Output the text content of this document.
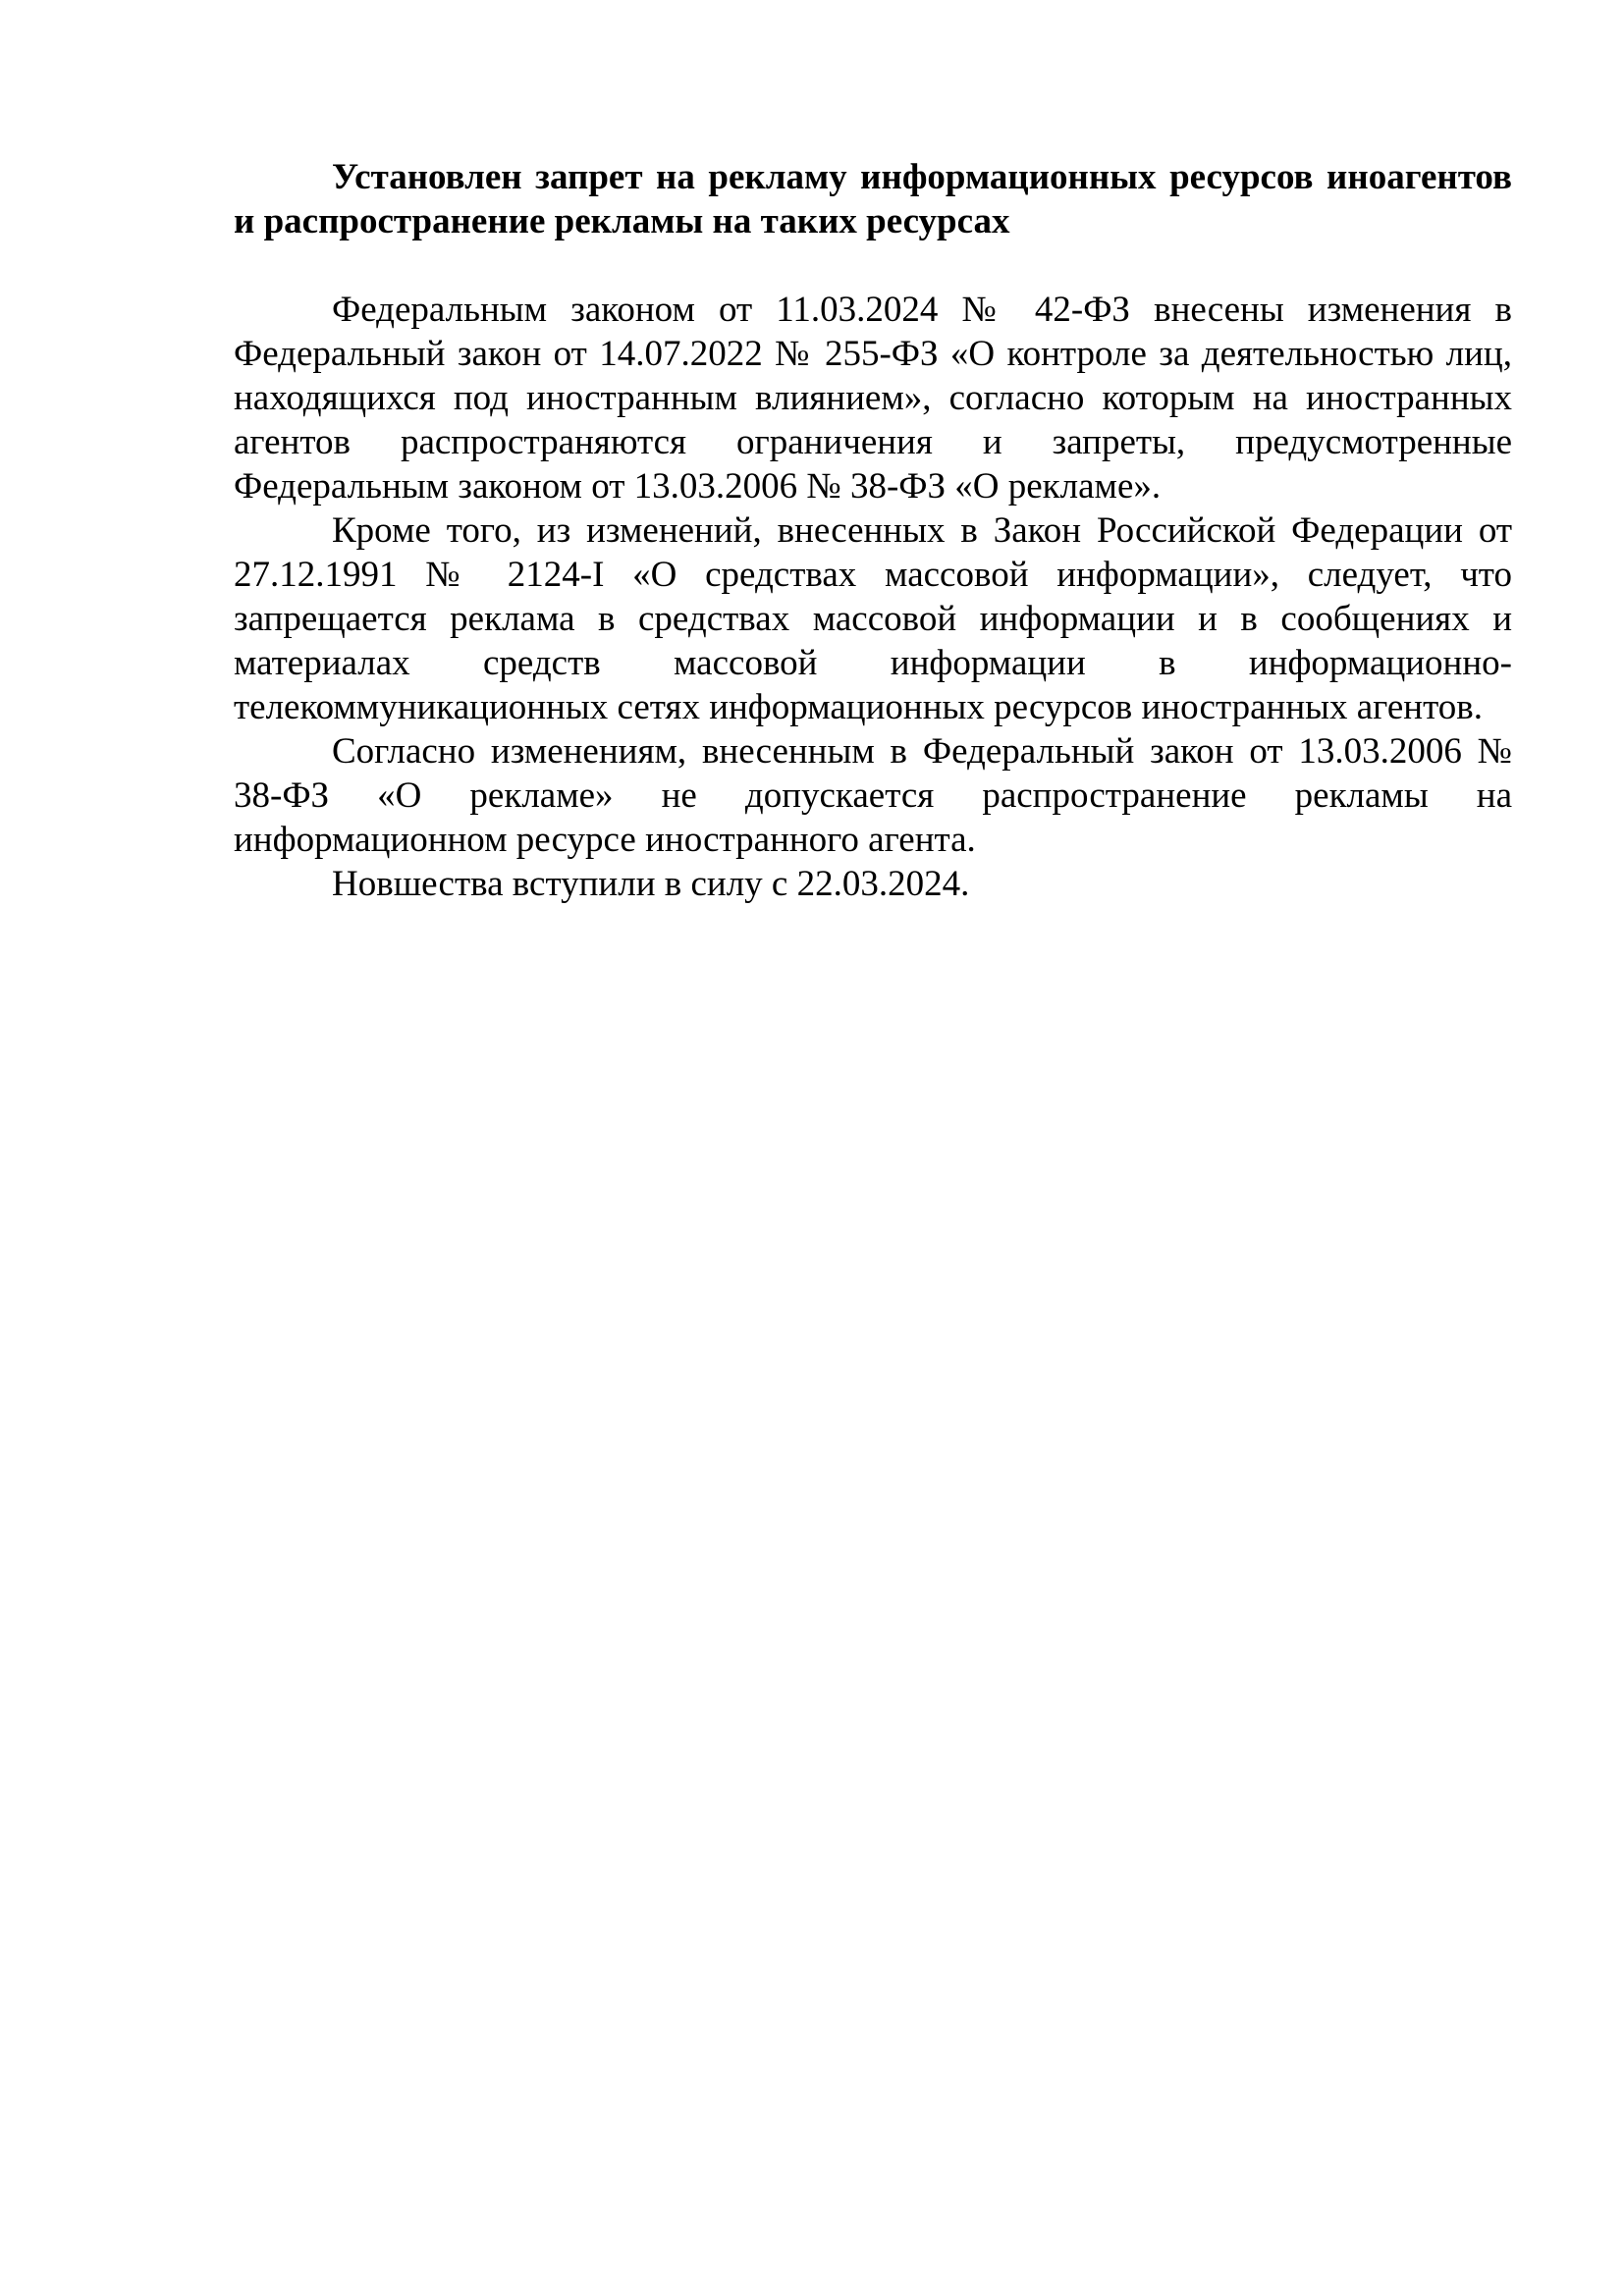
Установлен запрет на рекламу информационных ресурсов иноагентов и распространение рекламы на таких ресурсах

Федеральным законом от 11.03.2024 № 42-ФЗ внесены изменения в Федеральный закон от 14.07.2022 № 255-ФЗ «О контроле за деятельностью лиц, находящихся под иностранным влиянием», согласно которым на иностранных агентов распространяются ограничения и запреты, предусмотренные Федеральным законом от 13.03.2006 № 38-ФЗ «О рекламе».

Кроме того, из изменений, внесенных в Закон Российской Федерации от 27.12.1991 № 2124-I «О средствах массовой информации», следует, что запрещается реклама в средствах массовой информации и в сообщениях и материалах средств массовой информации в информационно-телекоммуникационных сетях информационных ресурсов иностранных агентов.

Согласно изменениям, внесенным в Федеральный закон от 13.03.2006 № 38-ФЗ «О рекламе» не допускается распространение рекламы на информационном ресурсе иностранного агента.

Новшества вступили в силу с 22.03.2024.
